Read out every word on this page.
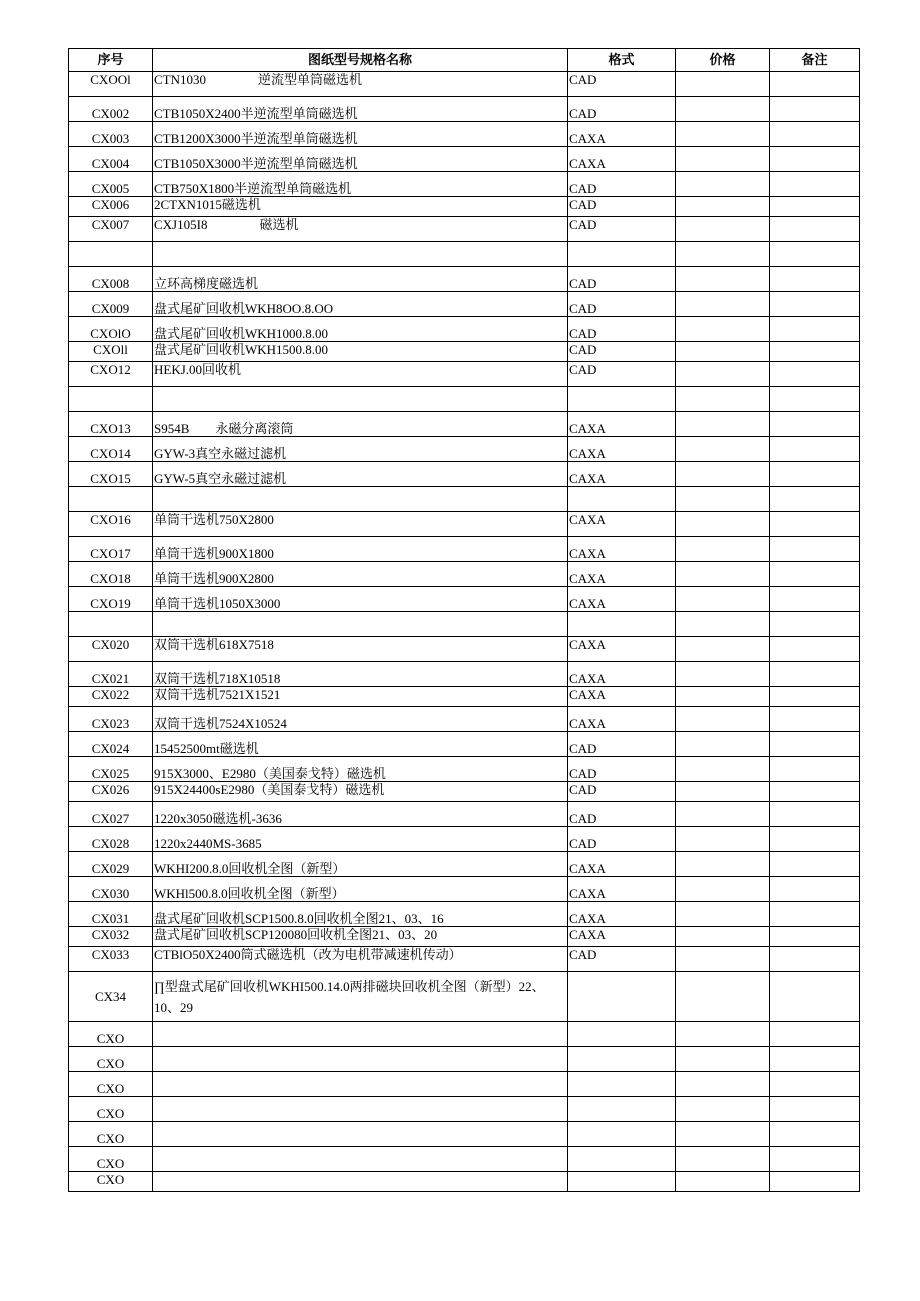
序号	图纸型号规格名称	格式	价格	备注
CXOOl	CTN1030　　　　逆流型单筒磁选机	CAD		
CX002	CTB1050X2400半逆流型单筒磁选机	CAD		
CX003	CTB1200X3000半逆流型单筒磁选机	CAXA		
CX004	CTB1050X3000半逆流型单筒磁选机	CAXA		
CX005	CTB750X1800半逆流型单筒磁选机	CAD		
CX006	2CTXN1015磁选机	CAD		
CX007	CXJ105I8　　　　磁选机	CAD		

CX008	立环高梯度磁选机	CAD		
CX009	盘式尾矿回收机WKH8OO.8.OO	CAD		
CXOlO	盘式尾矿回收机WKH1000.8.00	CAD		
CXOll	盘式尾矿回收机WKH1500.8.00	CAD		
CXO12	HEKJ.00回收机	CAD		

CXO13	S954B　　永磁分离滚筒	CAXA		
CXO14	GYW-3真空永磁过滤机	CAXA		
CXO15	GYW-5真空永磁过滤机	CAXA		

CXO16	单筒干选机750X2800	CAXA		
CXO17	单筒干选机900X1800	CAXA		
CXO18	单筒干选机900X2800	CAXA		
CXO19	单筒干选机1050X3000	CAXA		

CX020	双筒干选机618X7518	CAXA		
CX021	双筒干选机718X10518	CAXA		
CX022	双筒干选机7521X1521	CAXA		
CX023	双筒干选机7524X10524	CAXA		
CX024	15452500mt磁选机	CAD		
CX025	915X3000、E2980（美国泰戈特）磁选机	CAD		
CX026	915X24400sE2980（美国泰戈特）磁选机	CAD		
CX027	1220x3050磁选机-3636	CAD		
CX028	1220x2440MS-3685	CAD		
CX029	WKHI200.8.0回收机全图（新型）	CAXA		
CX030	WKHl500.8.0回收机全图（新型）	CAXA		
CX031	盘式尾矿回收机SCP1500.8.0回收机全图21、03、16	CAXA		
CX032	盘式尾矿回收机SCP120080回收机全图21、03、20	CAXA		
CX033	CTBlO50X2400筒式磁选机（改为电机带减速机传动）	CAD		
CX34	∏型盘式尾矿回收机WKHI500.14.0两排磁块回收机全图（新型）22、10、29			
CXO				
CXO				
CXO				
CXO				
CXO				
CXO				
CXO				
